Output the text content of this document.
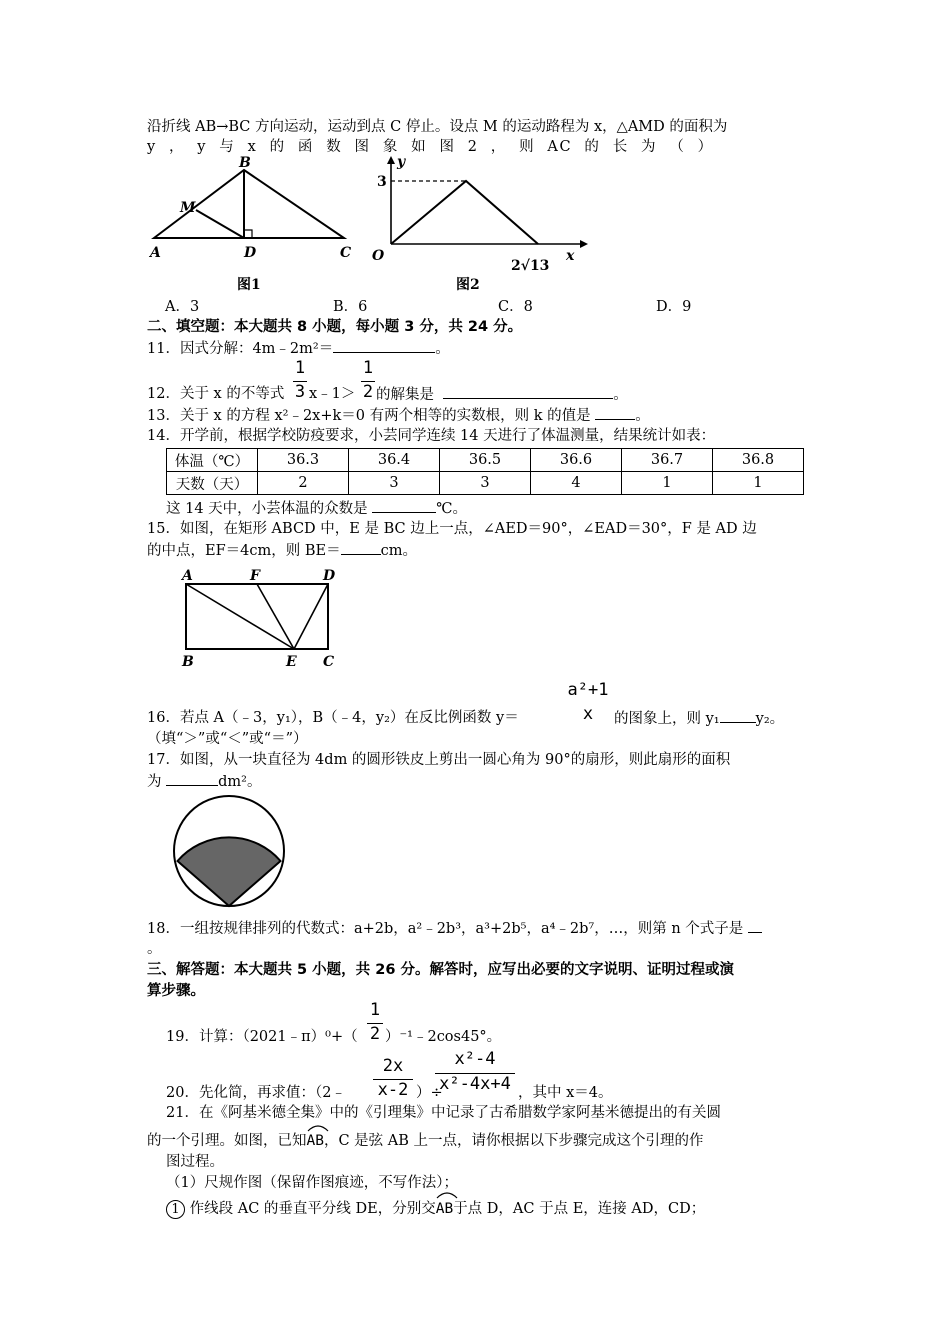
沿折线 AB→BC 方向运动，运动到点 C 停止。设点 M 的运动路程为 x，△AMD 的面积为
y ， y 与 x 的 函 数 图 象 如 图 2 ， 则 AC 的 长 为 （ ）
A
B
M
D	C
图1
y
3
O	x
2√13
图2
A．3	B．6	C．8	D．9
二、填空题：本大题共 8 小题，每小题 3 分，共 24 分。
11．因式分解：4m﹣2m²＝	。
1
3
1
2
12．关于 x 的不等式 x﹣1＞ 的解集是	。
13．关于 x 的方程 x²﹣2x+k＝0 有两个相等的实数根，则 k 的值是	。
14．开学前，根据学校防疫要求，小芸同学连续 14 天进行了体温测量，结果统计如表：
体温（℃）	36.3	36.4	36.5	36.6	36.7	36.8
天数（天）	2	3	3	4	1	1
这 14 天中，小芸体温的众数是	℃。
15．如图，在矩形 ABCD 中，E 是 BC 边上一点，∠AED＝90°，∠EAD＝30°，F 是 AD 边
的中点，EF＝4cm，则 BE＝	cm。
A	F	D
B	E C
a²+1
x
16．若点 A（﹣3，y₁），B（﹣4，y₂）在反比例函数 y＝	的图象上，则 y₁ y₂。
（填“＞”或“＜”或“＝”）
17．如图，从一块直径为 4dm 的圆形铁皮上剪出一圆心角为 90°的扇形，则此扇形的面积
为	dm²。
18．一组按规律排列的代数式：a+2b，a²﹣2b³，a³+2b⁵，a⁴﹣2b⁷，…，则第 n 个式子是
。
三、解答题：本大题共 5 小题，共 26 分。解答时，应写出必要的文字说明、证明过程或演
算步骤。
1
2
19．计算：（2021﹣π）⁰+（ ）⁻¹﹣2cos45°。
2x
x-2
x²-4
x²-4x+4
20．先化简，再求值：（2﹣	）÷	，其中 x＝4。
21．在《阿基米德全集》中的《引理集》中记录了古希腊数学家阿基米德提出的有关圆
的一个引理。如图，已知
AB，C 是弦 AB 上一点，请你根据以下步骤完成这个引理的作
图过程。
（1）尺规作图（保留作图痕迹，不写作法）；
1 作线段 AC 的垂直平分线 DE，分别交
AB于点 D，AC 于点 E，连接 AD，CD；
